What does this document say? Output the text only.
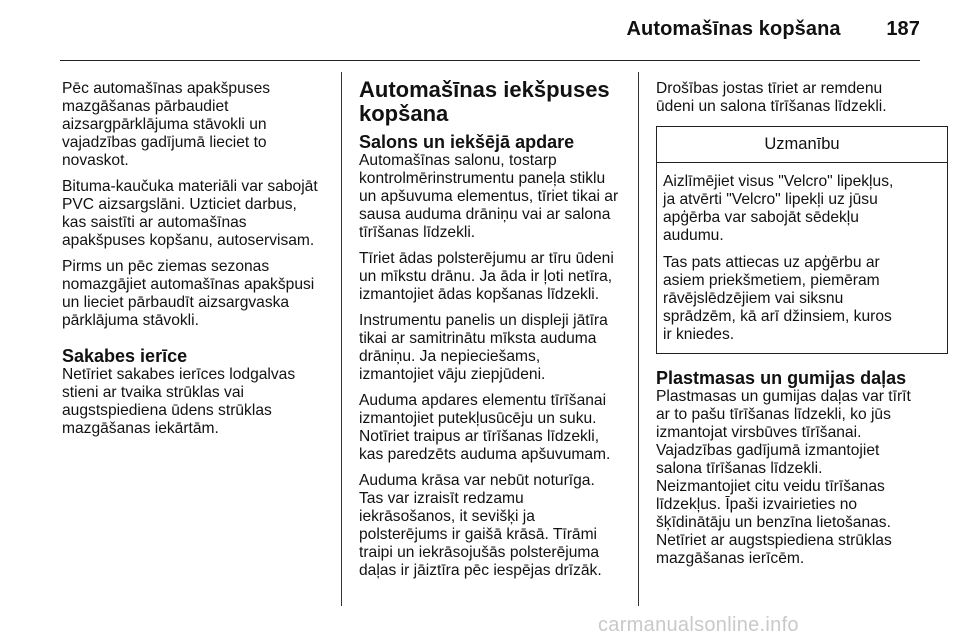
Automašīnas kopšana 187

Pēc automašīnas apakšpuses
mazgāšanas pārbaudiet
aizsargpārklājuma stāvokli un
vajadzības gadījumā lieciet to
novaskot.

Bituma-kaučuka materiāli var sabojāt
PVC aizsargslāni. Uzticiet darbus,
kas saistīti ar automašīnas
apakšpuses kopšanu, autoservisam.

Pirms un pēc ziemas sezonas
nomazgājiet automašīnas apakšpusi
un lieciet pārbaudīt aizsargvaska
pārklājuma stāvokli.

Sakabes ierīce

Netīriet sakabes ierīces lodgalvas
stieni ar tvaika strūklas vai
augstspiediena ūdens strūklas
mazgāšanas iekārtām.

Automašīnas iekšpuses
kopšana
Salons un iekšējā apdare

Automašīnas salonu, tostarp
kontrolmērinstrumentu paneļa stiklu
un apšuvuma elementus, tīriet tikai ar
sausa auduma drāniņu vai ar salona
tīrīšanas līdzekli.

Tīriet ādas polsterējumu ar tīru ūdeni
un mīkstu drānu. Ja āda ir ļoti netīra,
izmantojiet ādas kopšanas līdzekli.

Instrumentu panelis un displeji jātīra
tikai ar samitrinātu mīksta auduma
drāniņu. Ja nepieciešams,
izmantojiet vāju ziepjūdeni.

Auduma apdares elementu tīrīšanai
izmantojiet putekļusūcēju un suku.
Notīriet traipus ar tīrīšanas līdzekli,
kas paredzēts auduma apšuvumam.

Auduma krāsa var nebūt noturīga.
Tas var izraisīt redzamu
iekrāsošanos, it sevišķi ja
polsterējums ir gaišā krāsā. Tīrāmi
traipi un iekrāsojušās polsterējuma
daļas ir jāiztīra pēc iespējas drīzāk.

Drošības jostas tīriet ar remdenu
ūdeni un salona tīrīšanas līdzekli.

Uzmanību

Aizlīmējiet visus "Velcro" lipekļus,
ja atvērti "Velcro" lipekļi uz jūsu
apģērba var sabojāt sēdekļu
audumu.

Tas pats attiecas uz apģērbu ar
asiem priekšmetiem, piemēram
rāvējslēdzējiem vai siksnu
sprādzēm, kā arī džinsiem, kuros
ir kniedes.

Plastmasas un gumijas daļas

Plastmasas un gumijas daļas var tīrīt
ar to pašu tīrīšanas līdzekli, ko jūs
izmantojat virsbūves tīrīšanai.
Vajadzības gadījumā izmantojiet
salona tīrīšanas līdzekli.
Neizmantojiet citu veidu tīrīšanas
līdzekļus. Īpaši izvairieties no
šķīdinātāju un benzīna lietošanas.
Netīriet ar augstspiediena strūklas
mazgāšanas ierīcēm.

carmanualsonline.info
